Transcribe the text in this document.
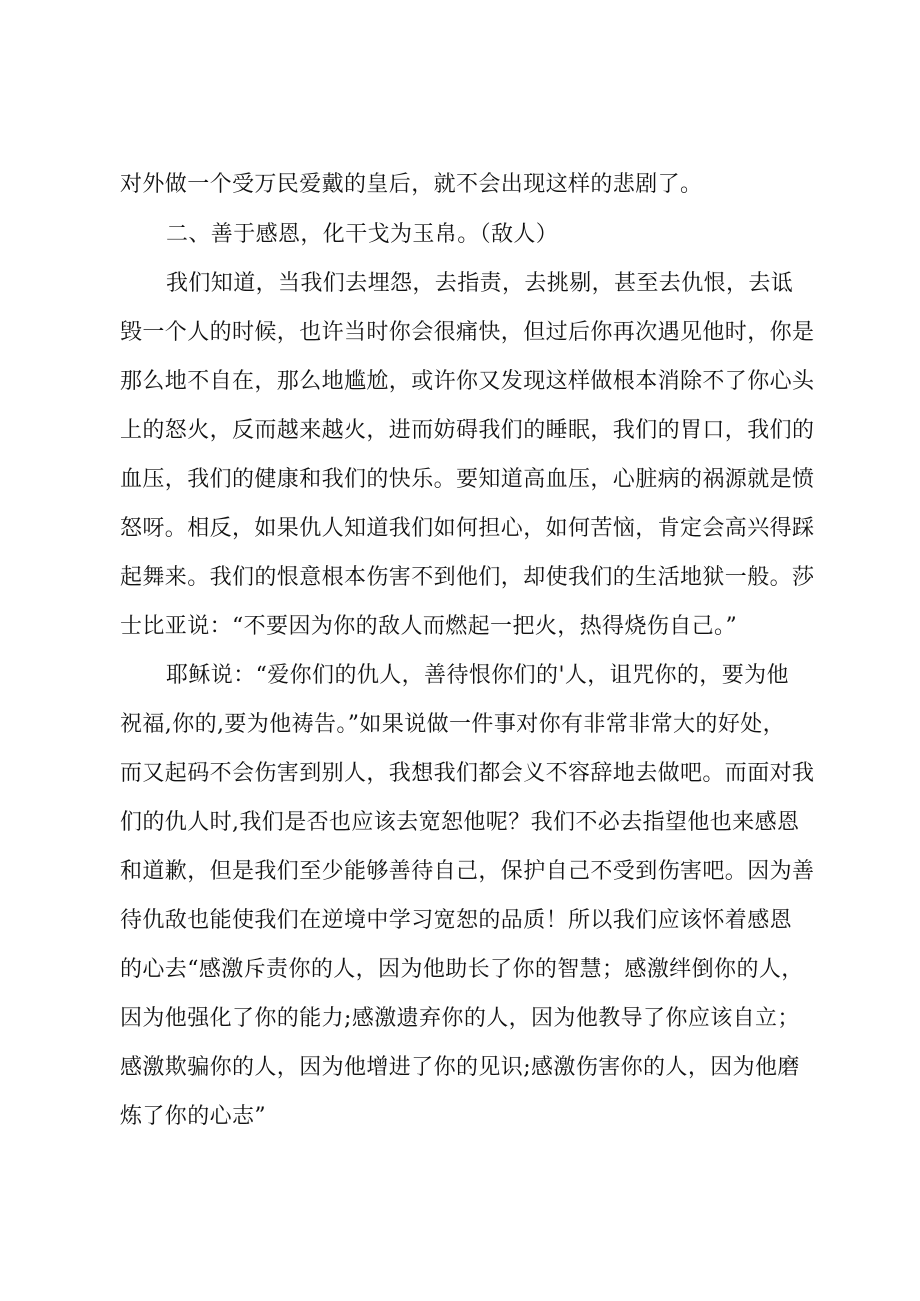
对外做一个受万民爱戴的皇后，就不会出现这样的悲剧了。
二、善于感恩，化干戈为玉帛。（敌人）
我们知道，当我们去埋怨，去指责，去挑剔，甚至去仇恨，去诋
毁一个人的时候，也许当时你会很痛快，但过后你再次遇见他时，你是
那么地不自在，那么地尴尬，或许你又发现这样做根本消除不了你心头
上的怒火，反而越来越火，进而妨碍我们的睡眠，我们的胃口，我们的
血压，我们的健康和我们的快乐。要知道高血压，心脏病的祸源就是愤
怒呀。相反，如果仇人知道我们如何担心，如何苦恼，肯定会高兴得踩
起舞来。我们的恨意根本伤害不到他们，却使我们的生活地狱一般。莎
士比亚说：“不要因为你的敌人而燃起一把火，热得烧伤自己。”
耶稣说：“爱你们的仇人，善待恨你们的'人，诅咒你的，要为他
祝福,你的,要为他祷告。”如果说做一件事对你有非常非常大的好处，
而又起码不会伤害到别人，我想我们都会义不容辞地去做吧。而面对我
们的仇人时,我们是否也应该去宽恕他呢？我们不必去指望他也来感恩
和道歉，但是我们至少能够善待自己，保护自己不受到伤害吧。因为善
待仇敌也能使我们在逆境中学习宽恕的品质！所以我们应该怀着感恩
的心去“感激斥责你的人，因为他助长了你的智慧；感激绊倒你的人，
因为他强化了你的能力;感激遗弃你的人，因为他教导了你应该自立；
感激欺骗你的人，因为他增进了你的见识;感激伤害你的人，因为他磨
炼了你的心志”
